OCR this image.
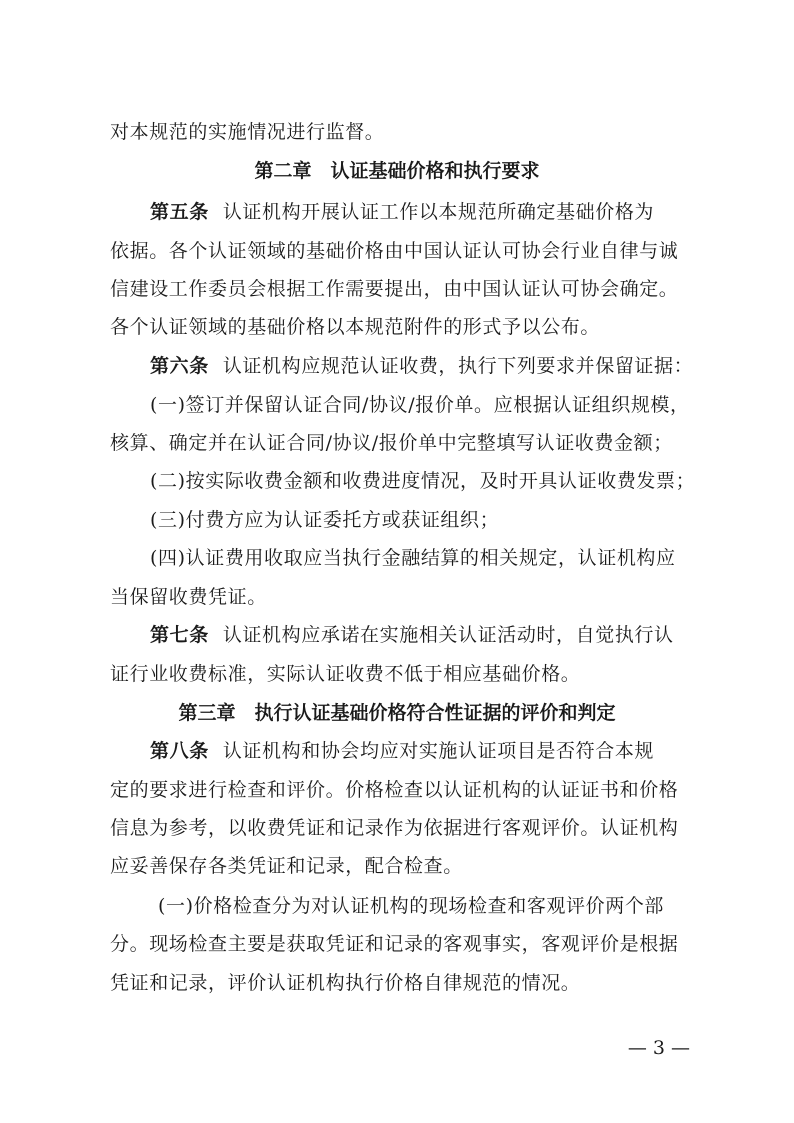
对本规范的实施情况进行监督。
第二章　认证基础价格和执行要求
第五条 认证机构开展认证工作以本规范所确定基础价格为
依据。各个认证领域的基础价格由中国认证认可协会行业自律与诚
信建设工作委员会根据工作需要提出，由中国认证认可协会确定。
各个认证领域的基础价格以本规范附件的形式予以公布。
第六条 认证机构应规范认证收费，执行下列要求并保留证据：
(一)签订并保留认证合同/协议/报价单。应根据认证组织规模，
核算、确定并在认证合同/协议/报价单中完整填写认证收费金额；
(二)按实际收费金额和收费进度情况，及时开具认证收费发票；
(三)付费方应为认证委托方或获证组织；
(四)认证费用收取应当执行金融结算的相关规定，认证机构应
当保留收费凭证。
第七条 认证机构应承诺在实施相关认证活动时，自觉执行认
证行业收费标准，实际认证收费不低于相应基础价格。
第三章　执行认证基础价格符合性证据的评价和判定
第八条 认证机构和协会均应对实施认证项目是否符合本规
定的要求进行检查和评价。价格检查以认证机构的认证证书和价格
信息为参考，以收费凭证和记录作为依据进行客观评价。认证机构
应妥善保存各类凭证和记录，配合检查。
(一)价格检查分为对认证机构的现场检查和客观评价两个部
分。现场检查主要是获取凭证和记录的客观事实，客观评价是根据
凭证和记录，评价认证机构执行价格自律规范的情况。
— 3 —
